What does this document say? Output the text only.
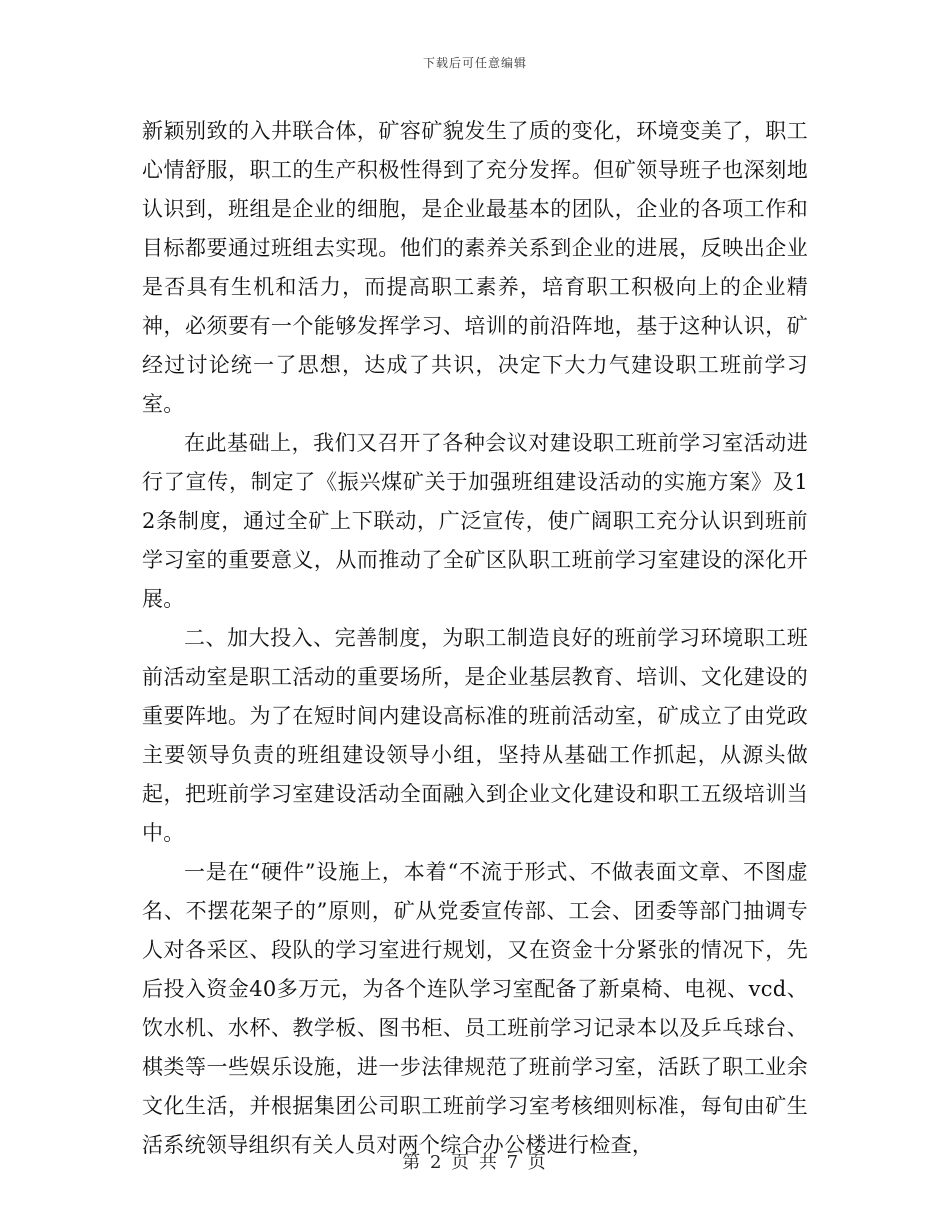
下载后可任意编辑

新颖别致的入井联合体，矿容矿貌发生了质的变化，环境变美了，职工心情舒服，职工的生产积极性得到了充分发挥。但矿领导班子也深刻地认识到，班组是企业的细胞，是企业最基本的团队，企业的各项工作和目标都要通过班组去实现。他们的素养关系到企业的进展，反映出企业是否具有生机和活力，而提高职工素养，培育职工积极向上的企业精神，必须要有一个能够发挥学习、培训的前沿阵地，基于这种认识，矿经过讨论统一了思想，达成了共识，决定下大力气建设职工班前学习室。

在此基础上，我们又召开了各种会议对建设职工班前学习室活动进行了宣传，制定了《振兴煤矿关于加强班组建设活动的实施方案》及12条制度，通过全矿上下联动，广泛宣传，使广阔职工充分认识到班前学习室的重要意义，从而推动了全矿区队职工班前学习室建设的深化开展。

二、加大投入、完善制度，为职工制造良好的班前学习环境职工班前活动室是职工活动的重要场所，是企业基层教育、培训、文化建设的重要阵地。为了在短时间内建设高标准的班前活动室，矿成立了由党政主要领导负责的班组建设领导小组，坚持从基础工作抓起，从源头做起，把班前学习室建设活动全面融入到企业文化建设和职工五级培训当中。

一是在“硬件”设施上，本着“不流于形式、不做表面文章、不图虚名、不摆花架子的”原则，矿从党委宣传部、工会、团委等部门抽调专人对各采区、段队的学习室进行规划，又在资金十分紧张的情况下，先后投入资金40多万元，为各个连队学习室配备了新桌椅、电视、vcd、饮水机、水杯、教学板、图书柜、员工班前学习记录本以及乒乓球台、棋类等一些娱乐设施，进一步法律规范了班前学习室，活跃了职工业余文化生活，并根据集团公司职工班前学习室考核细则标准，每旬由矿生活系统领导组织有关人员对两个综合办公楼进行检查，

第 2 页 共 7 页
